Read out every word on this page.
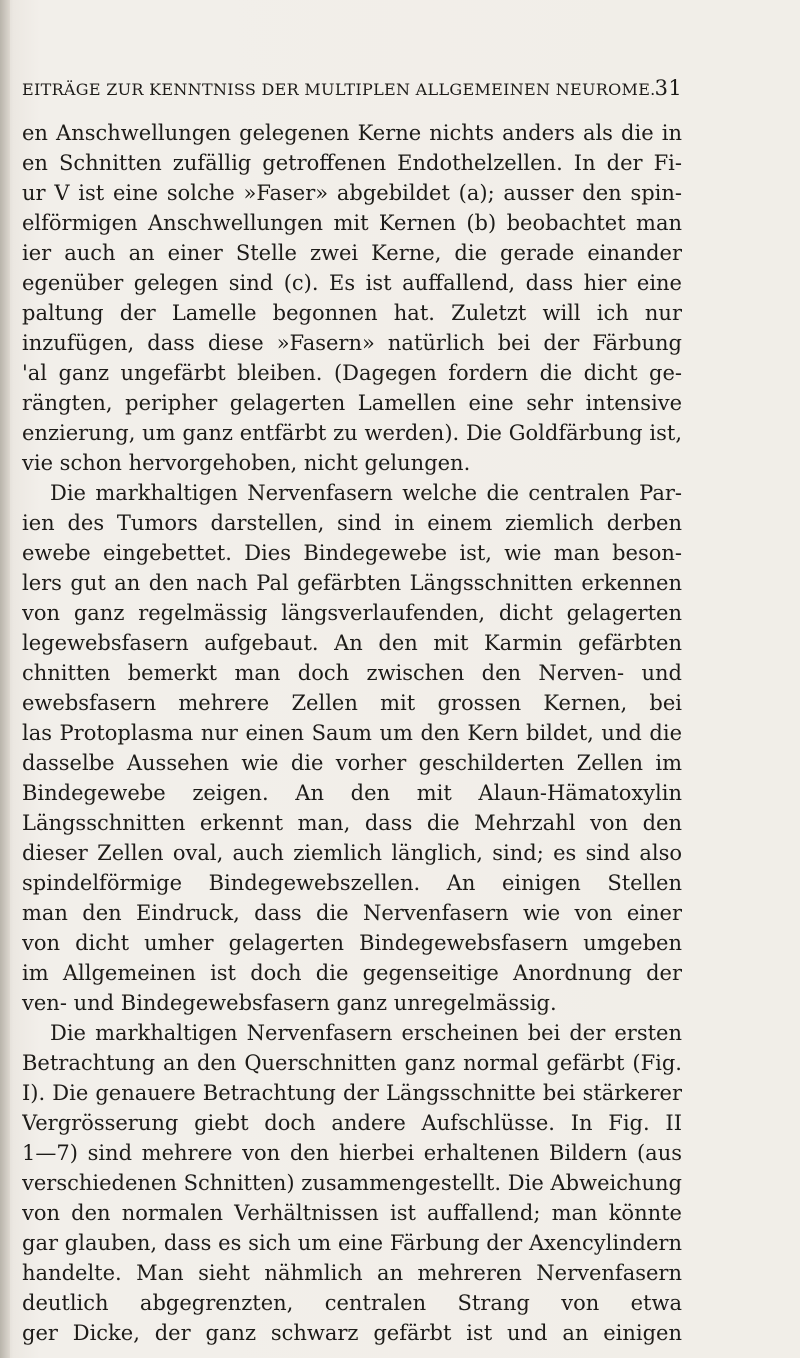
EITRÄGE ZUR KENNTNISS DER MULTIPLEN ALLGEMEINEN NEUROME. 31
en Anschwellungen gelegenen Kerne nichts anders als die in
en Schnitten zufällig getroffenen Endothelzellen. In der Fi-
ur V ist eine solche »Faser» abgebildet (a); ausser den spin-
elförmigen Anschwellungen mit Kernen (b) beobachtet man
ier auch an einer Stelle zwei Kerne, die gerade einander
egenüber gelegen sind (c). Es ist auffallend, dass hier eine
paltung der Lamelle begonnen hat. Zuletzt will ich nur
inzufügen, dass diese »Fasern» natürlich bei der Färbung
'al ganz ungefärbt bleiben. (Dagegen fordern die dicht ge-
rängten, peripher gelagerten Lamellen eine sehr intensive
enzierung, um ganz entfärbt zu werden). Die Goldfärbung ist,
vie schon hervorgehoben, nicht gelungen.
Die markhaltigen Nervenfasern welche die centralen Par-
ien des Tumors darstellen, sind in einem ziemlich derben
ewebe eingebettet. Dies Bindegewebe ist, wie man beson-
lers gut an den nach Pal gefärbten Längsschnitten erkennen
von ganz regelmässig längsverlaufenden, dicht gelagerten
legewebsfasern aufgebaut. An den mit Karmin gefärbten
chnitten bemerkt man doch zwischen den Nerven- und
ewebsfasern mehrere Zellen mit grossen Kernen, bei
las Protoplasma nur einen Saum um den Kern bildet, und die
dasselbe Aussehen wie die vorher geschilderten Zellen im
Bindegewebe zeigen. An den mit Alaun-Hämatoxylin
Längsschnitten erkennt man, dass die Mehrzahl von den
dieser Zellen oval, auch ziemlich länglich, sind; es sind also
spindelförmige Bindegewebszellen. An einigen Stellen
man den Eindruck, dass die Nervenfasern wie von einer
von dicht umher gelagerten Bindegewebsfasern umgeben
im Allgemeinen ist doch die gegenseitige Anordnung der
ven- und Bindegewebsfasern ganz unregelmässig.
Die markhaltigen Nervenfasern erscheinen bei der ersten
Betrachtung an den Querschnitten ganz normal gefärbt (Fig.
I). Die genauere Betrachtung der Längsschnitte bei stärkerer
Vergrösserung giebt doch andere Aufschlüsse. In Fig. II
1—7) sind mehrere von den hierbei erhaltenen Bildern (aus
verschiedenen Schnitten) zusammengestellt. Die Abweichung
von den normalen Verhältnissen ist auffallend; man könnte
gar glauben, dass es sich um eine Färbung der Axencylindern
handelte. Man sieht nähmlich an mehreren Nervenfasern
deutlich abgegrenzten, centralen Strang von etwa
ger Dicke, der ganz schwarz gefärbt ist und an einigen
